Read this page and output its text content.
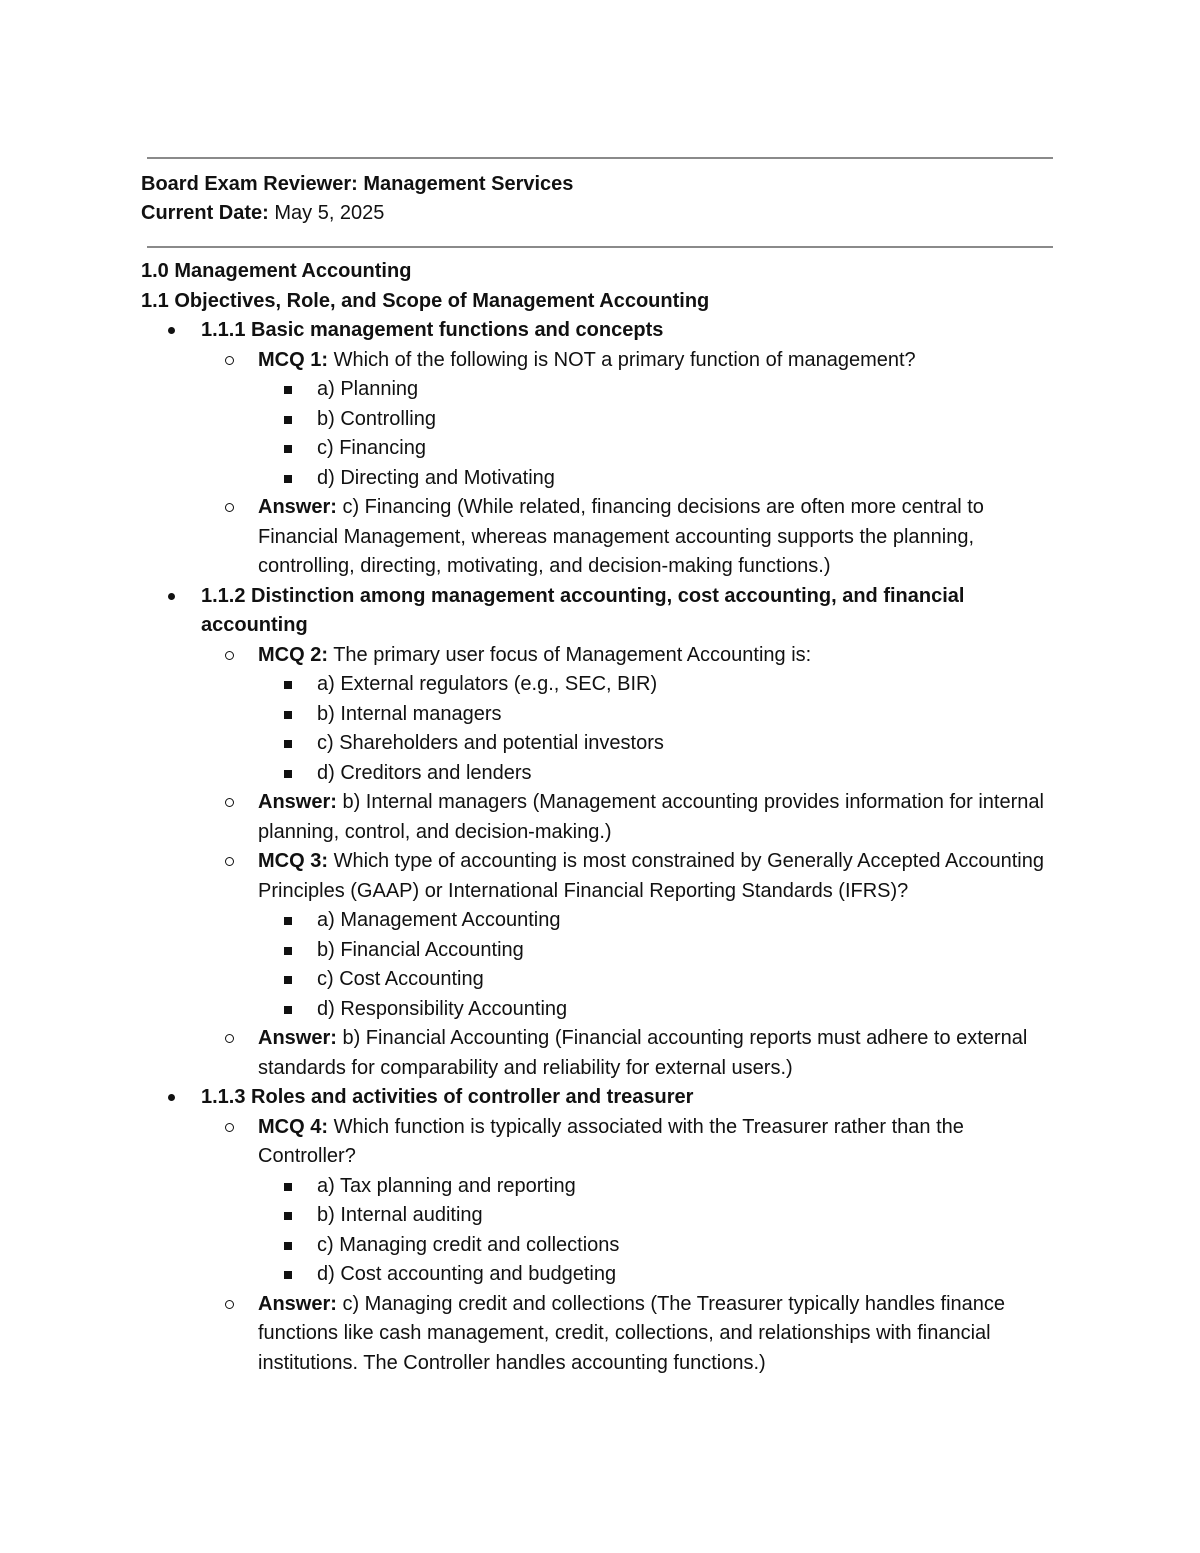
Board Exam Reviewer: Management Services
Current Date: May 5, 2025
1.0 Management Accounting
1.1 Objectives, Role, and Scope of Management Accounting
1.1.1 Basic management functions and concepts
MCQ 1: Which of the following is NOT a primary function of management?
a) Planning
b) Controlling
c) Financing
d) Directing and Motivating
Answer: c) Financing (While related, financing decisions are often more central to Financial Management, whereas management accounting supports the planning, controlling, directing, motivating, and decision-making functions.)
1.1.2 Distinction among management accounting, cost accounting, and financial accounting
MCQ 2: The primary user focus of Management Accounting is:
a) External regulators (e.g., SEC, BIR)
b) Internal managers
c) Shareholders and potential investors
d) Creditors and lenders
Answer: b) Internal managers (Management accounting provides information for internal planning, control, and decision-making.)
MCQ 3: Which type of accounting is most constrained by Generally Accepted Accounting Principles (GAAP) or International Financial Reporting Standards (IFRS)?
a) Management Accounting
b) Financial Accounting
c) Cost Accounting
d) Responsibility Accounting
Answer: b) Financial Accounting (Financial accounting reports must adhere to external standards for comparability and reliability for external users.)
1.1.3 Roles and activities of controller and treasurer
MCQ 4: Which function is typically associated with the Treasurer rather than the Controller?
a) Tax planning and reporting
b) Internal auditing
c) Managing credit and collections
d) Cost accounting and budgeting
Answer: c) Managing credit and collections (The Treasurer typically handles finance functions like cash management, credit, collections, and relationships with financial institutions. The Controller handles accounting functions.)
